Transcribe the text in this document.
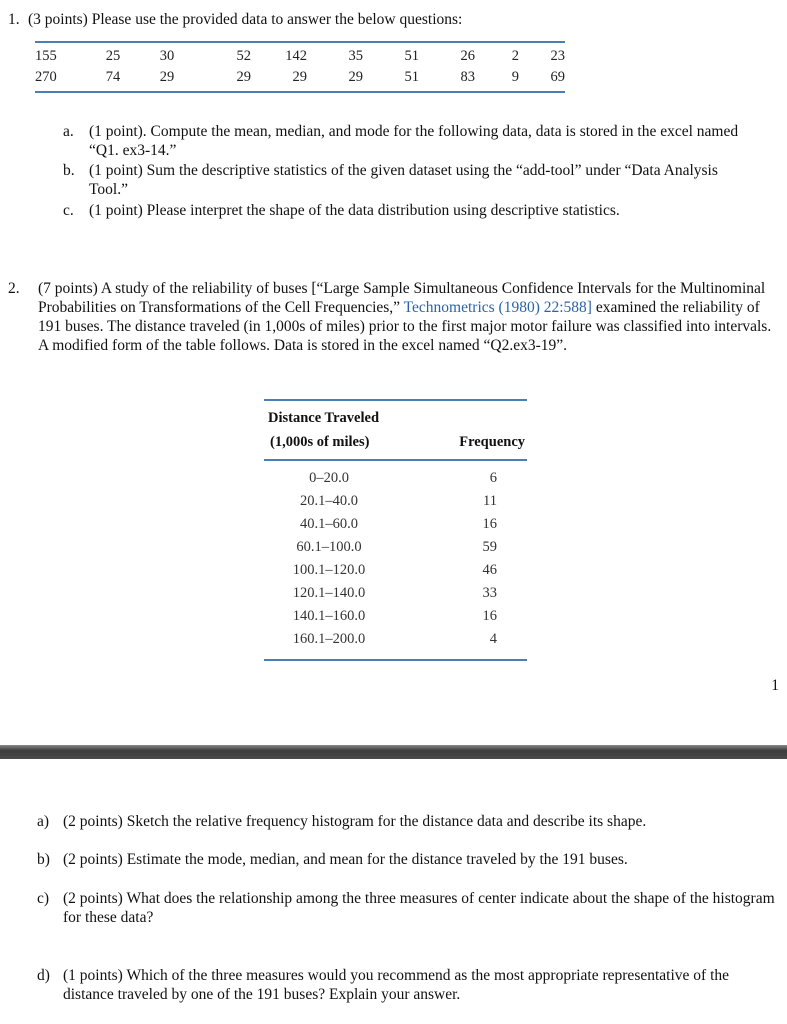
1. (3 points) Please use the provided data to answer the below questions:
155	25	30	52	142	35	51	26	2	23
270	74	29	29	29	29	51	83	9	69
a. (1 point). Compute the mean, median, and mode for the following data, data is stored in the excel named “Q1. ex3-14.”
b. (1 point) Sum the descriptive statistics of the given dataset using the “add-tool” under “Data Analysis Tool.”
c. (1 point) Please interpret the shape of the data distribution using descriptive statistics.
2. (7 points) A study of the reliability of buses [“Large Sample Simultaneous Confidence Intervals for the Multinominal Probabilities on Transformations of the Cell Frequencies,” Technometrics (1980) 22:588] examined the reliability of 191 buses. The distance traveled (in 1,000s of miles) prior to the first major motor failure was classified into intervals. A modified form of the table follows. Data is stored in the excel named “Q2.ex3-19”.
Distance Traveled
(1,000s of miles)	Frequency
0–20.0	6
20.1–40.0	11
40.1–60.0	16
60.1–100.0	59
100.1–120.0	46
120.1–140.0	33
140.1–160.0	16
160.1–200.0	4
1
a) (2 points) Sketch the relative frequency histogram for the distance data and describe its shape.
b) (2 points) Estimate the mode, median, and mean for the distance traveled by the 191 buses.
c) (2 points) What does the relationship among the three measures of center indicate about the shape of the histogram for these data?
d) (1 points) Which of the three measures would you recommend as the most appropriate representative of the distance traveled by one of the 191 buses? Explain your answer.
